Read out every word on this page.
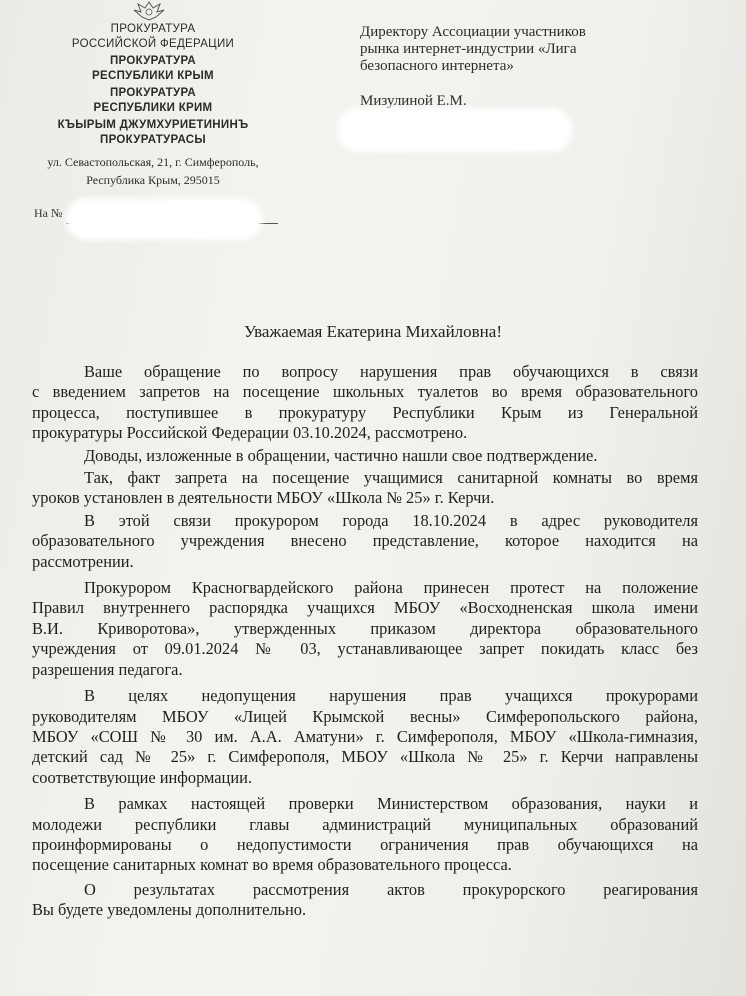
ПРОКУРАТУРА
РОССИЙСКОЙ ФЕДЕРАЦИИ
ПРОКУРАТУРА
РЕСПУБЛИКИ КРЫМ
ПРОКУРАТУРА
РЕСПУБЛИКИ КРИМ
КЪЫРЫМ ДЖУМХУРИЕТИНИНЪ
ПРОКУРАТУРАСЫ
ул. Севастопольская, 21, г. Симферополь,
Республика Крым, 295015
На №
Директору Ассоциации участников
рынка интернет-индустрии «Лига
безопасного интернета»
Мизулиной Е.М.
Уважаемая Екатерина Михайловна!
Ваше обращение по вопросу нарушения прав обучающихся в связи
с введением запретов на посещение школьных туалетов во время образовательного
процесса, поступившее в прокуратуру Республики Крым из Генеральной
прокуратуры Российской Федерации 03.10.2024, рассмотрено.
Доводы, изложенные в обращении, частично нашли свое подтверждение.
Так, факт запрета на посещение учащимися санитарной комнаты во время
уроков установлен в деятельности МБОУ «Школа № 25» г. Керчи.
В этой связи прокурором города 18.10.2024 в адрес руководителя
образовательного учреждения внесено представление, которое находится на
рассмотрении.
Прокурором Красногвардейского района принесен протест на положение
Правил внутреннего распорядка учащихся МБОУ «Восходненская школа имени
В.И. Криворотова», утвержденных приказом директора образовательного
учреждения от 09.01.2024 № 03, устанавливающее запрет покидать класс без
разрешения педагога.
В целях недопущения нарушения прав учащихся прокурорами
руководителям МБОУ «Лицей Крымской весны» Симферопольского района,
МБОУ «СОШ № 30 им. А.А. Аматуни» г. Симферополя, МБОУ «Школа-гимназия,
детский сад № 25» г. Симферополя, МБОУ «Школа № 25» г. Керчи направлены
соответствующие информации.
В рамках настоящей проверки Министерством образования, науки и
молодежи республики главы администраций муниципальных образований
проинформированы о недопустимости ограничения прав обучающихся на
посещение санитарных комнат во время образовательного процесса.
О результатах рассмотрения актов прокурорского реагирования
Вы будете уведомлены дополнительно.
